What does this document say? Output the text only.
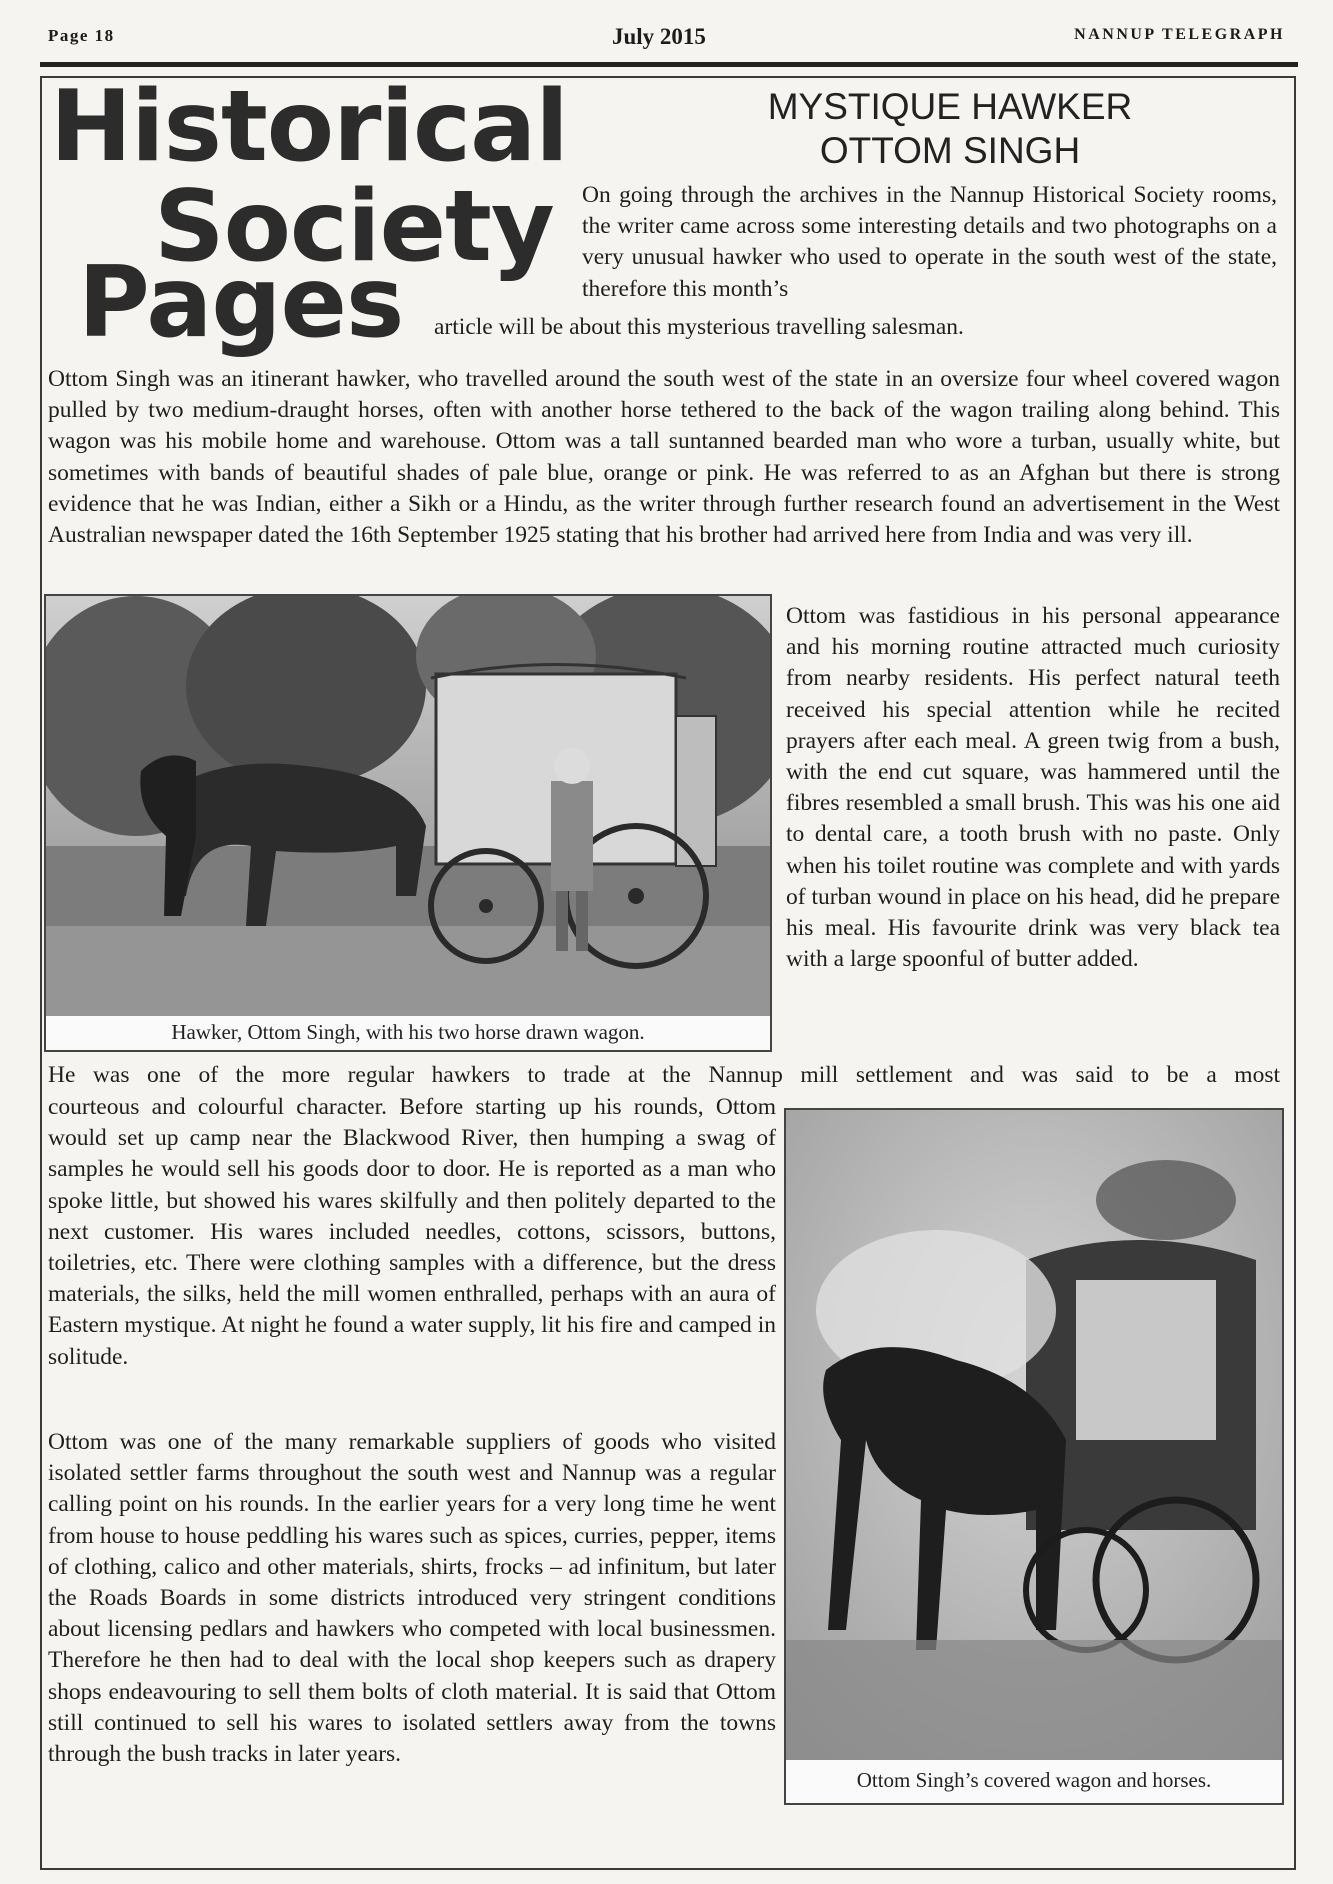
Page 18	July 2015	NANNUP TELEGRAPH
Historical
Society
Pages
MYSTIQUE HAWKER
OTTOM SINGH
On going through the archives in the Nannup Historical Society rooms, the writer came across some interesting details and two photographs on a very unusual hawker who used to operate in the south west of the state, therefore this month’s
article will be about this mysterious travelling salesman.
Ottom Singh was an itinerant hawker, who travelled around the south west of the state in an oversize four wheel covered wagon pulled by two medium-draught horses, often with another horse tethered to the back of the wagon trailing along behind. This wagon was his mobile home and warehouse. Ottom was a tall suntanned bearded man who wore a turban, usually white, but sometimes with bands of beautiful shades of pale blue, orange or pink. He was referred to as an Afghan but there is strong evidence that he was Indian, either a Sikh or a Hindu, as the writer through further research found an advertisement in the West Australian newspaper dated the 16th September 1925 stating that his brother had arrived here from India and was very ill.
Hawker, Ottom Singh, with his two horse drawn wagon.
Ottom was fastidious in his personal appearance and his morning routine attracted much curiosity from nearby residents. His perfect natural teeth received his special attention while he recited prayers after each meal. A green twig from a bush, with the end cut square, was hammered until the fibres resembled a small brush. This was his one aid to dental care, a tooth brush with no paste. Only when his toilet routine was complete and with yards of turban wound in place on his head, did he prepare his meal. His favourite drink was very black tea with a large spoonful of butter added.
He was one of the more regular hawkers to trade at the Nannup mill settlement and was said to be a most
courteous and colourful character. Before starting up his rounds, Ottom would set up camp near the Blackwood River, then humping a swag of samples he would sell his goods door to door. He is reported as a man who spoke little, but showed his wares skilfully and then politely departed to the next customer. His wares included needles, cottons, scissors, buttons, toiletries, etc. There were clothing samples with a difference, but the dress materials, the silks, held the mill women enthralled, perhaps with an aura of Eastern mystique. At night he found a water supply, lit his fire and camped in solitude.
Ottom Singh’s covered wagon and horses.
Ottom was one of the many remarkable suppliers of goods who visited isolated settler farms throughout the south west and Nannup was a regular calling point on his rounds. In the earlier years for a very long time he went from house to house peddling his wares such as spices, curries, pepper, items of clothing, calico and other materials, shirts, frocks – ad infinitum, but later the Roads Boards in some districts introduced very stringent conditions about licensing pedlars and hawkers who competed with local businessmen. Therefore he then had to deal with the local shop keepers such as drapery shops endeavouring to sell them bolts of cloth material. It is said that Ottom still continued to sell his wares to isolated settlers away from the towns through the bush tracks in later years.
